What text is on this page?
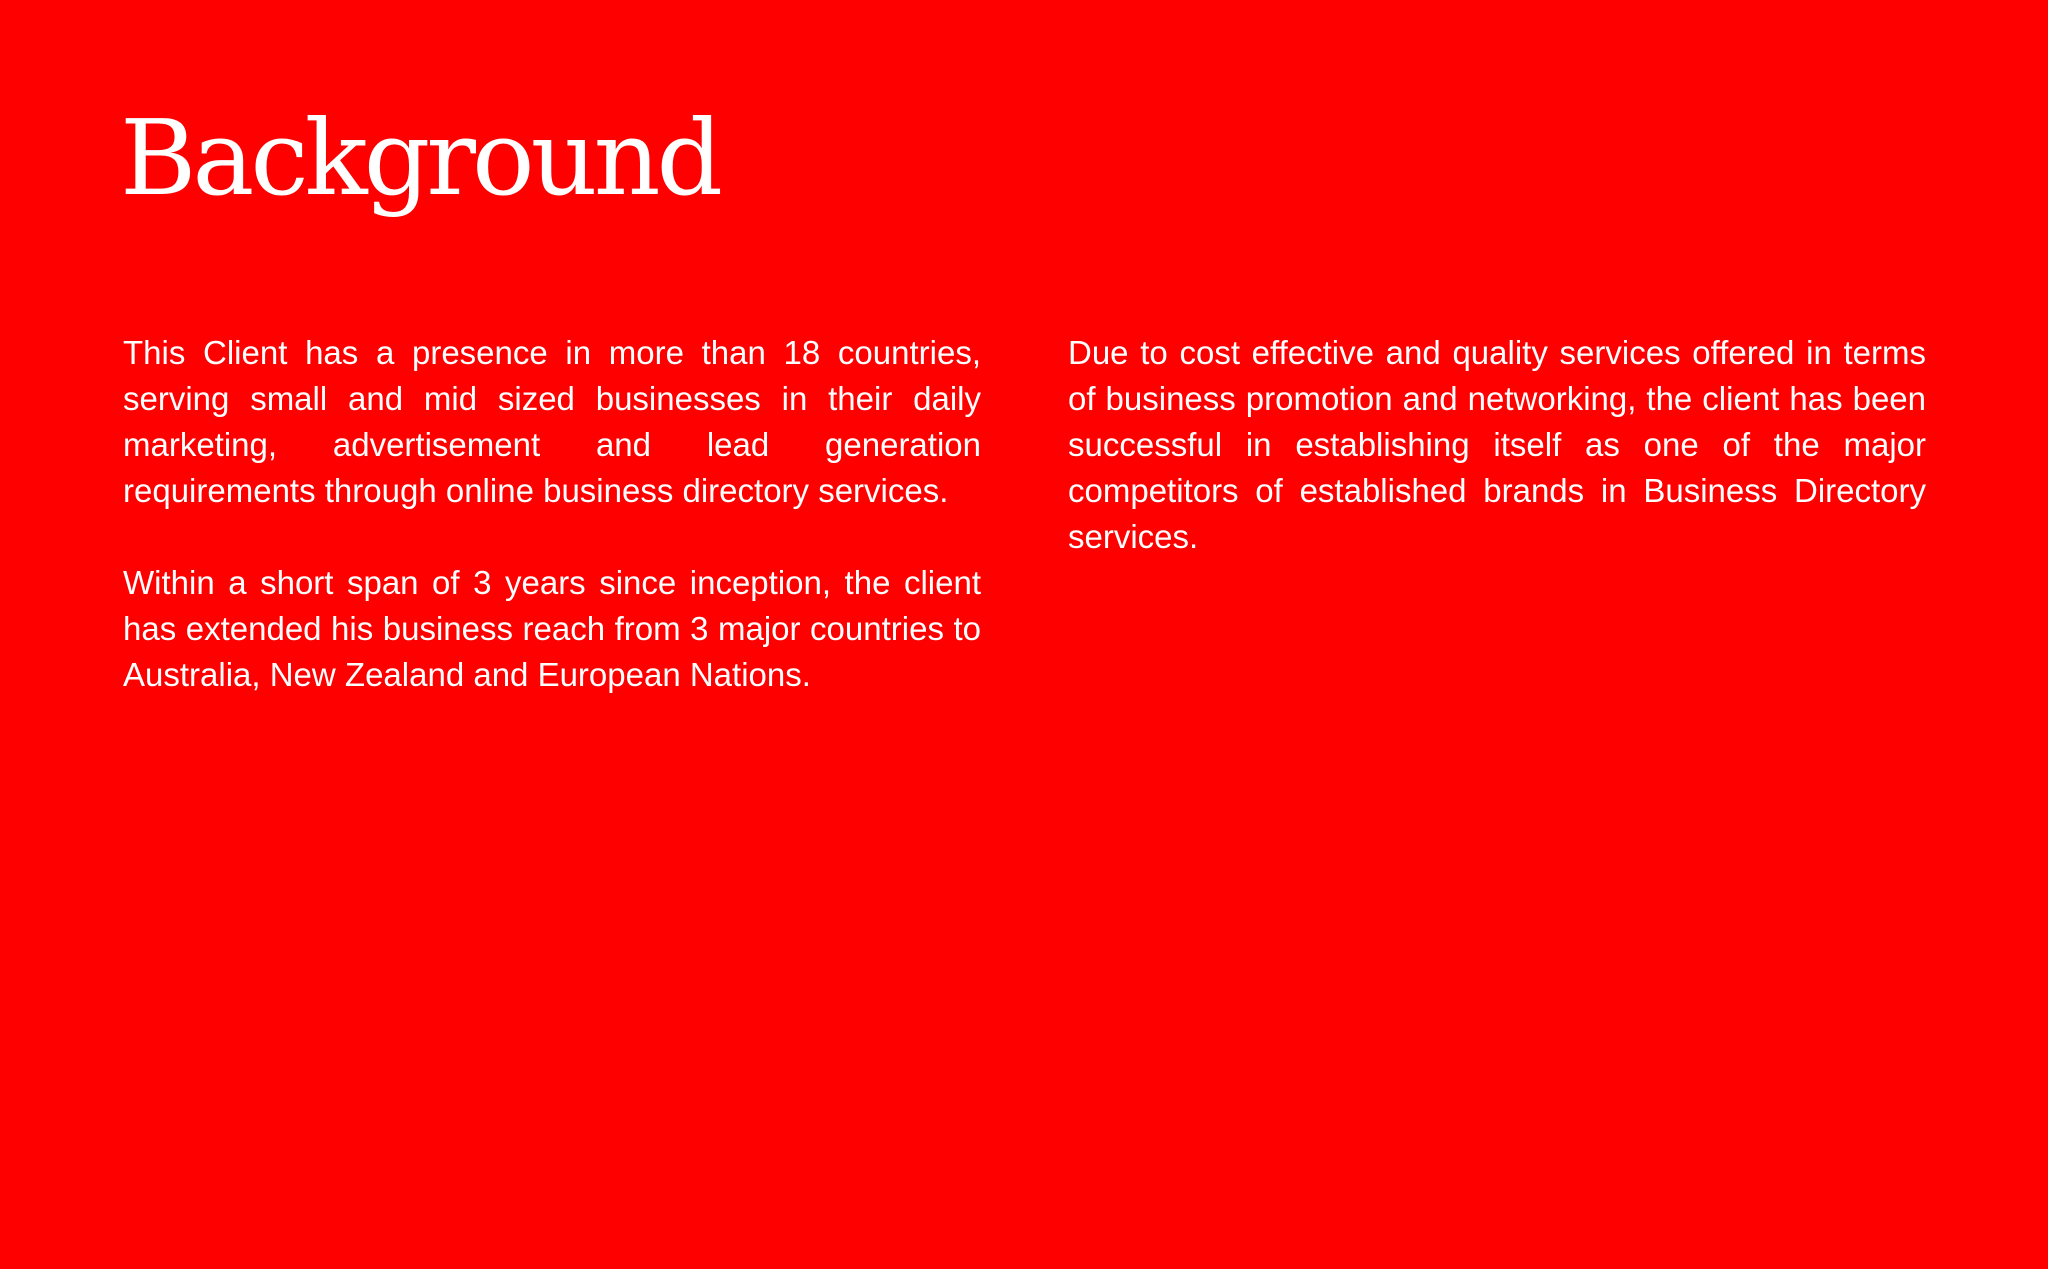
Background

This Client has a presence in more than 18 countries, serving small and mid sized businesses in their daily marketing, advertisement and lead generation requirements through online business directory services.

Within a short span of 3 years since inception, the client has extended his business reach from 3 major countries to Australia, New Zealand and European Nations.

Due to cost effective and quality services offered in terms of business promotion and networking, the client has been successful in establishing itself as one of the major competitors of established brands in Business Directory services.
